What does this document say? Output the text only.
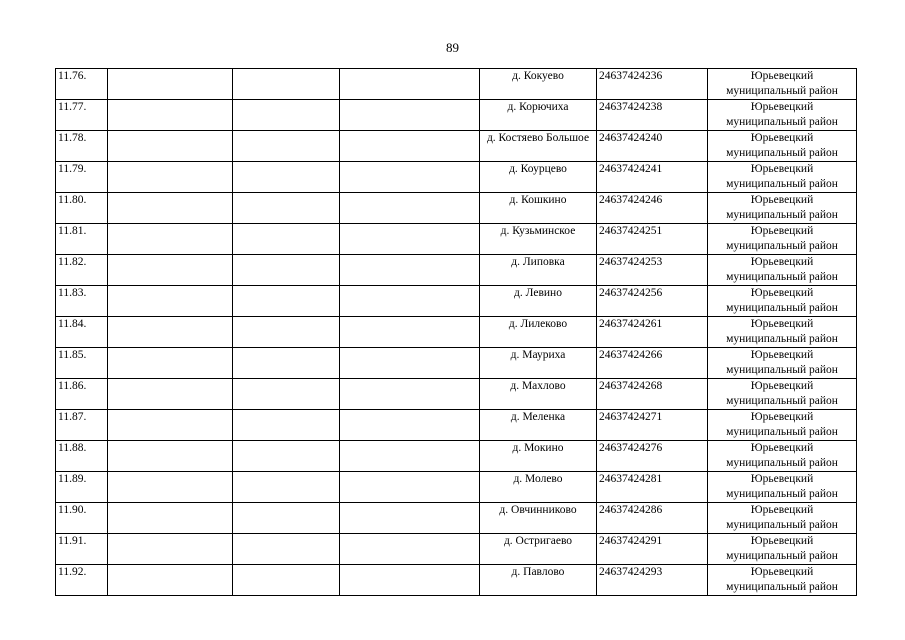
89
11.76.				д. Кокуево	24637424236	Юрьевецкий муниципальный район
11.77.				д. Корючиха	24637424238	Юрьевецкий муниципальный район
11.78.				д. Костяево Большое	24637424240	Юрьевецкий муниципальный район
11.79.				д. Коурцево	24637424241	Юрьевецкий муниципальный район
11.80.				д. Кошкино	24637424246	Юрьевецкий муниципальный район
11.81.				д. Кузьминское	24637424251	Юрьевецкий муниципальный район
11.82.				д. Липовка	24637424253	Юрьевецкий муниципальный район
11.83.				д. Левино	24637424256	Юрьевецкий муниципальный район
11.84.				д. Лилеково	24637424261	Юрьевецкий муниципальный район
11.85.				д. Мауриха	24637424266	Юрьевецкий муниципальный район
11.86.				д. Махлово	24637424268	Юрьевецкий муниципальный район
11.87.				д. Меленка	24637424271	Юрьевецкий муниципальный район
11.88.				д. Мокино	24637424276	Юрьевецкий муниципальный район
11.89.				д. Молево	24637424281	Юрьевецкий муниципальный район
11.90.				д. Овчинниково	24637424286	Юрьевецкий муниципальный район
11.91.				д. Остригаево	24637424291	Юрьевецкий муниципальный район
11.92.				д. Павлово	24637424293	Юрьевецкий муниципальный район
